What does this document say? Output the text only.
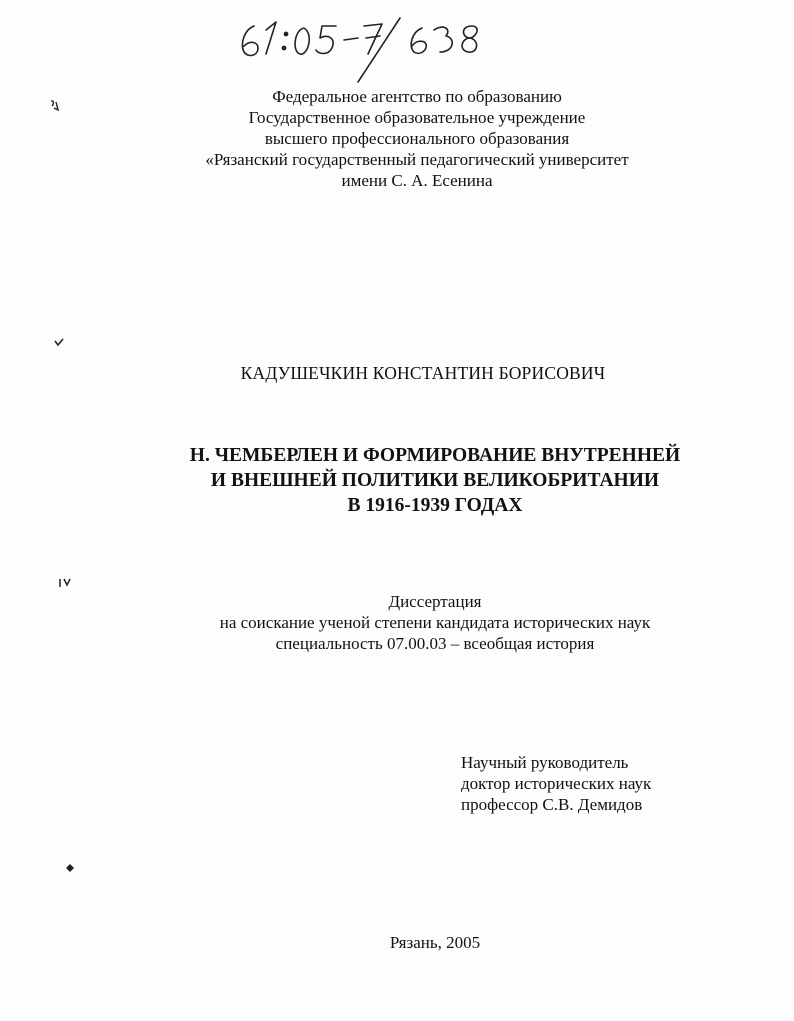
Федеральное агентство по образованию
Государственное образовательное учреждение
высшего профессионального образования
«Рязанский государственный педагогический университет
имени С. А. Есенина
КАДУШЕЧКИН КОНСТАНТИН БОРИСОВИЧ
Н. ЧЕМБЕРЛЕН И ФОРМИРОВАНИЕ ВНУТРЕННЕЙ
И ВНЕШНЕЙ ПОЛИТИКИ ВЕЛИКОБРИТАНИИ
В 1916-1939 ГОДАХ
Диссертация
на соискание ученой степени кандидата исторических наук
специальность 07.00.03 – всеобщая история
Научный руководитель
доктор исторических наук
профессор С.В. Демидов
Рязань, 2005
